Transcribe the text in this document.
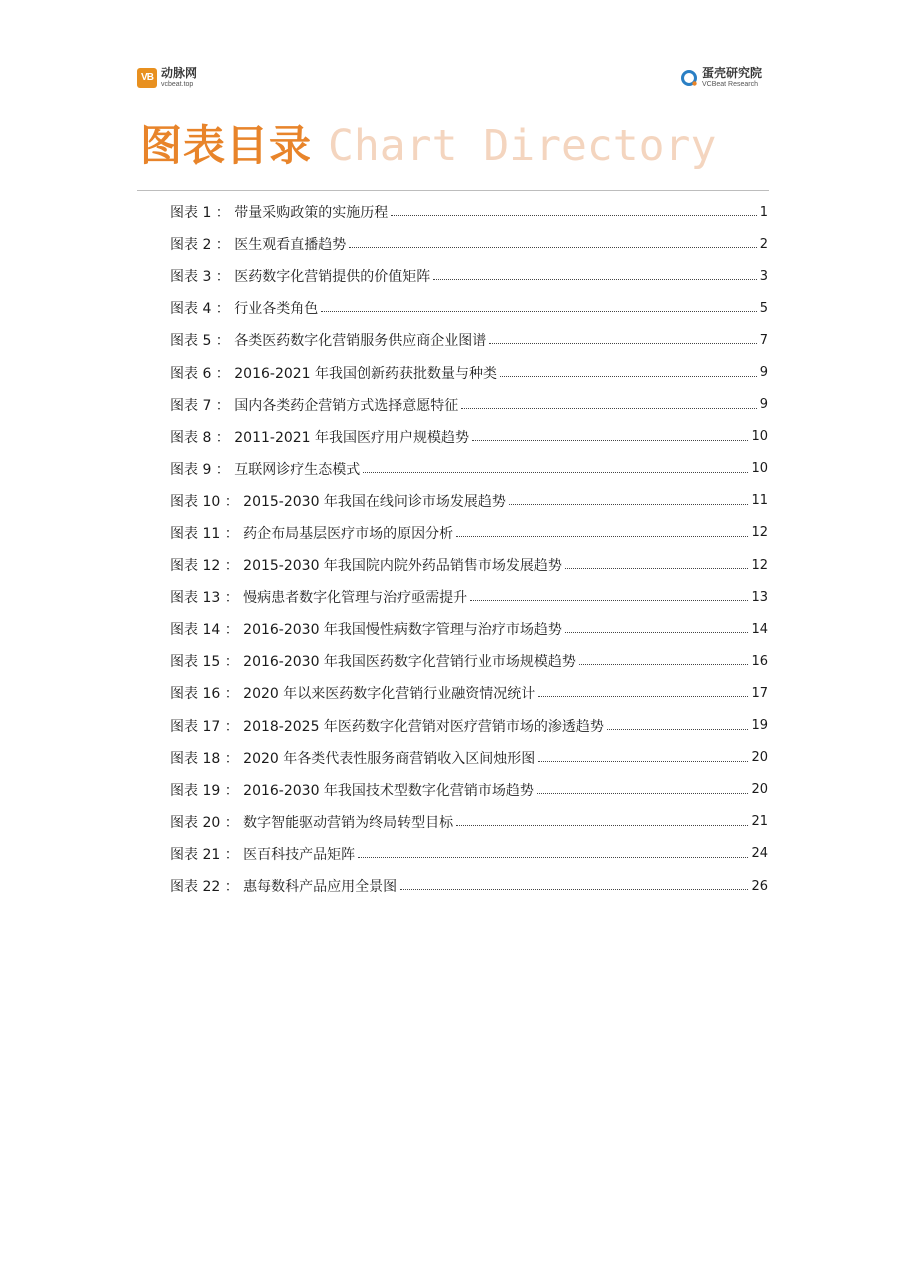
VB 动脉网
vcbeat.top
蛋壳研究院
VCBeat Research
图表目录 Chart Directory
图表 1 ： 带量采购政策的实施历程	1
图表 2 ： 医生观看直播趋势	2
图表 3 ： 医药数字化营销提供的价值矩阵	3
图表 4 ： 行业各类角色	5
图表 5 ： 各类医药数字化营销服务供应商企业图谱	7
图表 6 ： 2016-2021 年我国创新药获批数量与种类	9
图表 7 ： 国内各类药企营销方式选择意愿特征	9
图表 8 ： 2011-2021 年我国医疗用户规模趋势	10
图表 9 ： 互联网诊疗生态模式	10
图表 10 ： 2015-2030 年我国在线问诊市场发展趋势	11
图表 11 ： 药企布局基层医疗市场的原因分析	12
图表 12 ： 2015-2030 年我国院内院外药品销售市场发展趋势	12
图表 13 ： 慢病患者数字化管理与治疗亟需提升	13
图表 14 ： 2016-2030 年我国慢性病数字管理与治疗市场趋势	14
图表 15 ： 2016-2030 年我国医药数字化营销行业市场规模趋势	16
图表 16 ： 2020 年以来医药数字化营销行业融资情况统计	17
图表 17 ： 2018-2025 年医药数字化营销对医疗营销市场的渗透趋势	19
图表 18 ： 2020 年各类代表性服务商营销收入区间烛形图	20
图表 19 ： 2016-2030 年我国技术型数字化营销市场趋势	20
图表 20 ： 数字智能驱动营销为终局转型目标	21
图表 21 ： 医百科技产品矩阵	24
图表 22 ： 惠每数科产品应用全景图	26
